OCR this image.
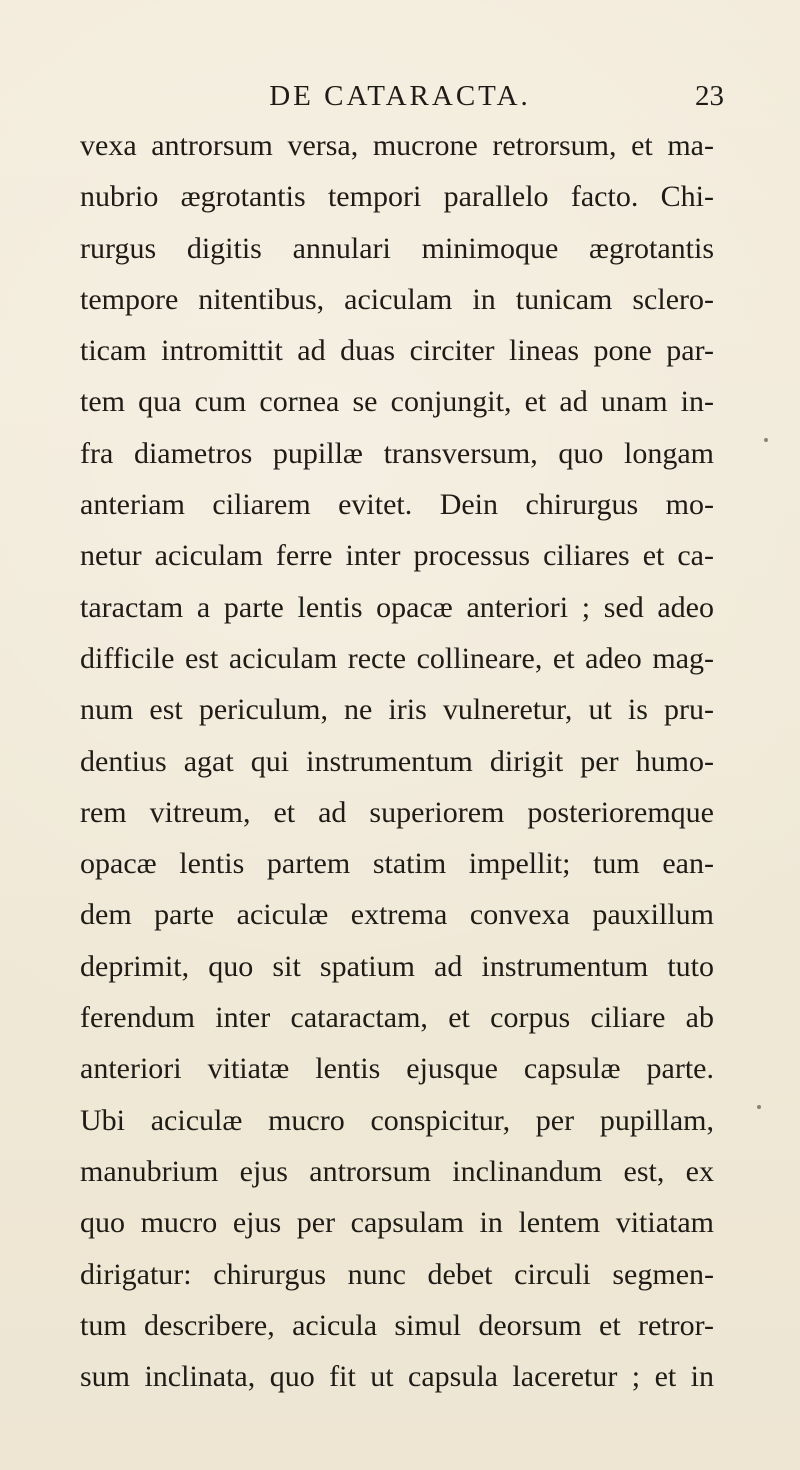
DE CATARACTA.	23
vexa antrorsum versa, mucrone retrorsum, et ma-
nubrio ægrotantis tempori parallelo facto. Chi-
rurgus digitis annulari minimoque ægrotantis
tempore nitentibus, aciculam in tunicam sclero-
ticam intromittit ad duas circiter lineas pone par-
tem qua cum cornea se conjungit, et ad unam in-
fra diametros pupillæ transversum, quo longam
anteriam ciliarem evitet. Dein chirurgus mo-
netur aciculam ferre inter processus ciliares et ca-
taractam a parte lentis opacæ anteriori ; sed adeo
difficile est aciculam recte collineare, et adeo mag-
num est periculum, ne iris vulneretur, ut is pru-
dentius agat qui instrumentum dirigit per humo-
rem vitreum, et ad superiorem posterioremque
opacæ lentis partem statim impellit; tum ean-
dem parte aciculæ extrema convexa pauxillum
deprimit, quo sit spatium ad instrumentum tuto
ferendum inter cataractam, et corpus ciliare ab
anteriori vitiatæ lentis ejusque capsulæ parte.
Ubi aciculæ mucro conspicitur, per pupillam,
manubrium ejus antrorsum inclinandum est, ex
quo mucro ejus per capsulam in lentem vitiatam
dirigatur: chirurgus nunc debet circuli segmen-
tum describere, acicula simul deorsum et retror-
sum inclinata, quo fit ut capsula laceretur ; et in
